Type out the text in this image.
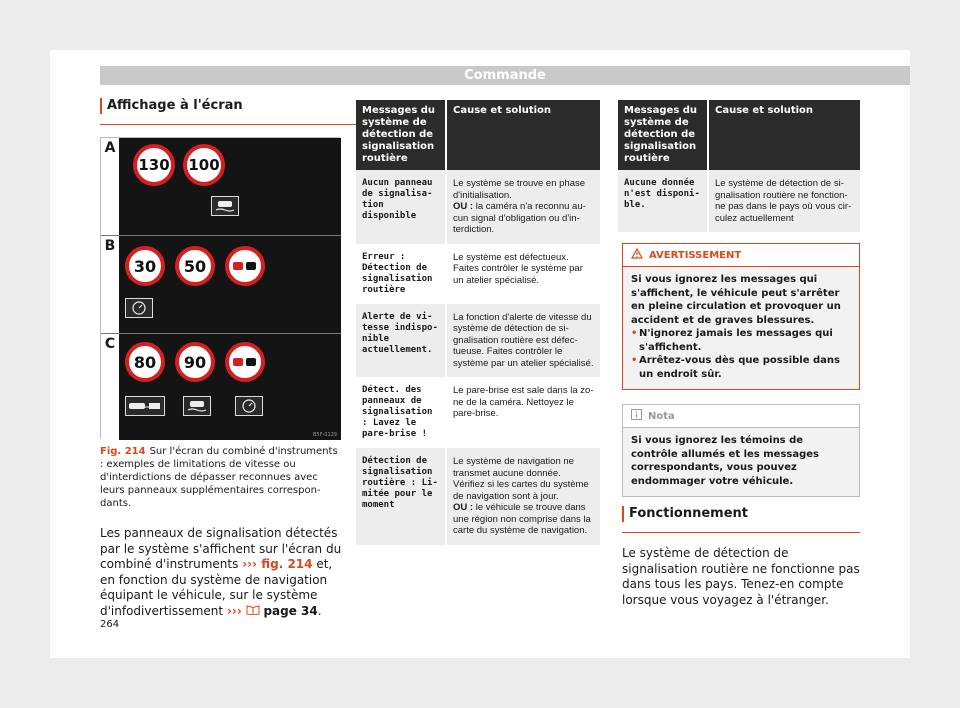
Commande
Affichage à l'écran
A
130	100
B
30	50
C
80	90
B5F-0129
Fig. 214 Sur l'écran du combiné d'instruments : exemples de limitations de vitesse ou d'interdictions de dépasser reconnues avec leurs panneaux supplémentaires correspondants.
Les panneaux de signalisation détectés par le système s'affichent sur l'écran du combiné d'instruments ››› fig. 214 et, en fonction du système de navigation équipant le véhicule, sur le système d'infodivertissement ››› page 34.
Messages du système de détection de signalisation routière	Cause et solution
Aucun panneau de signalisation disponible	Le système se trouve en phase d'initialisation.
OU : la caméra n'a reconnu aucun signal d'obligation ou d'interdiction.
Erreur : Détection de signalisation routière	Le système est défectueux. Faites contrôler le système par un atelier spécialisé.
Alerte de vitesse indisponible actuellement.	La fonction d'alerte de vitesse du système de détection de signalisation routière est défectueuse. Faites contrôler le système par un atelier spécialisé.
Détect. des panneaux de signalisation : Lavez le pare-brise !	Le pare-brise est sale dans la zone de la caméra. Nettoyez le pare-brise.
Détection de signalisation routière : Limitée pour le moment	Le système de navigation ne transmet aucune donnée. Vérifiez si les cartes du système de navigation sont à jour.
OU : le véhicule se trouve dans une région non comprise dans la carte du système de navigation.
Messages du système de détection de signalisation routière	Cause et solution
Aucune donnée n'est disponible.	Le système de détection de signalisation routière ne fonctionne pas dans le pays où vous circulez actuellement
AVERTISSEMENT
Si vous ignorez les messages qui s'affichent, le véhicule peut s'arrêter en pleine circulation et provoquer un accident et de graves blessures.
• N'ignorez jamais les messages qui s'affichent.
• Arrêtez-vous dès que possible dans un endroit sûr.
Nota
Si vous ignorez les témoins de contrôle allumés et les messages correspondants, vous pouvez endommager votre véhicule.
Fonctionnement
Le système de détection de signalisation routière ne fonctionne pas dans tous les pays. Tenez-en compte lorsque vous voyagez à l'étranger.
264
